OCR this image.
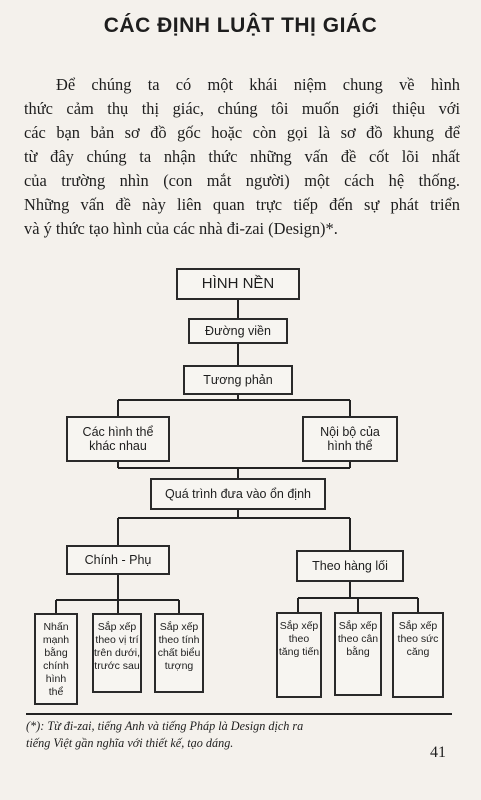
CÁC ĐỊNH LUẬT THỊ GIÁC
Để chúng ta có một khái niệm chung về hình
thức cảm thụ thị giác, chúng tôi muốn giới thiệu với
các bạn bản sơ đồ gốc hoặc còn gọi là sơ đồ khung để
từ đây chúng ta nhận thức những vấn đề cốt lõi nhất
của trường nhìn (con mắt người) một cách hệ thống.
Những vấn đề này liên quan trực tiếp đến sự phát triển
và ý thức tạo hình của các nhà đi-zai (Design)*.
HÌNH NỀN
Đường viền
Tương phản
Các hình thể
khác nhau
Nội bộ của
hình thể
Quá trình đưa vào ổn định
Chính - Phụ	Theo hàng lối
Nhấn
mạnh
bằng
chính
hình
thể
Sắp xếp
theo vị trí
trên dưới,
trước sau
Sắp xếp
theo tính
chất biểu
tượng
Sắp xếp
theo
tăng tiến
Sắp xếp
theo cân
bằng
Sắp xếp
theo sức
căng
(*): Từ đi-zai, tiếng Anh và tiếng Pháp là Design dịch ra
tiếng Việt gần nghĩa với thiết kế, tạo dáng.
41
